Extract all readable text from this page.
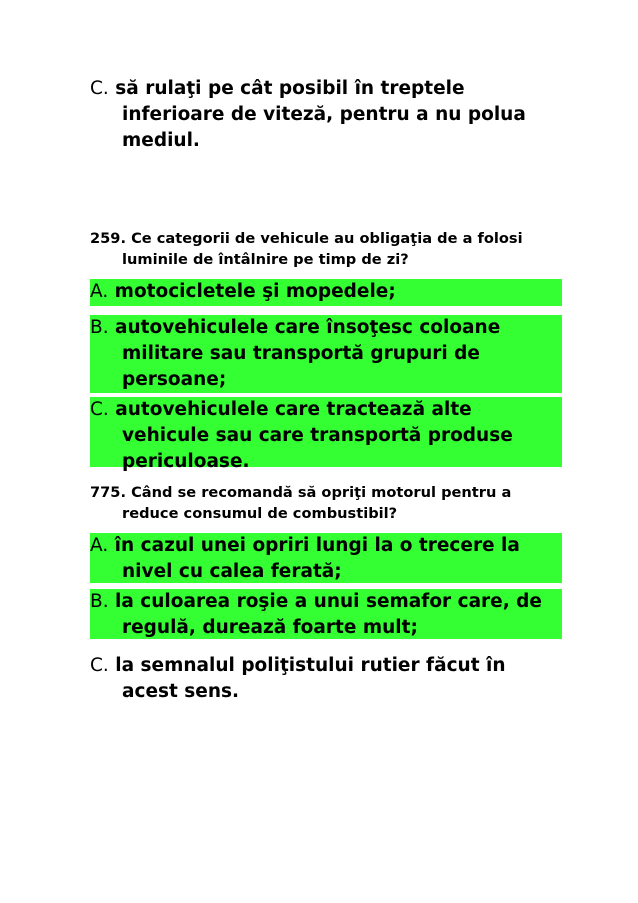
C. să rulaţi pe cât posibil în treptele inferioare de viteză, pentru a nu polua mediul.
259. Ce categorii de vehicule au obligaţia de a folosi luminile de întâlnire pe timp de zi?
A. motocicletele şi mopedele;
B. autovehiculele care însoţesc coloane militare sau transportă grupuri de persoane;
C. autovehiculele care tractează alte vehicule sau care transportă produse periculoase.
775. Când se recomandă să opriţi motorul pentru a reduce consumul de combustibil?
A. în cazul unei opriri lungi la o trecere la nivel cu calea ferată;
B. la culoarea roşie a unui semafor care, de regulă, durează foarte mult;
C. la semnalul poliţistului rutier făcut în acest sens.
